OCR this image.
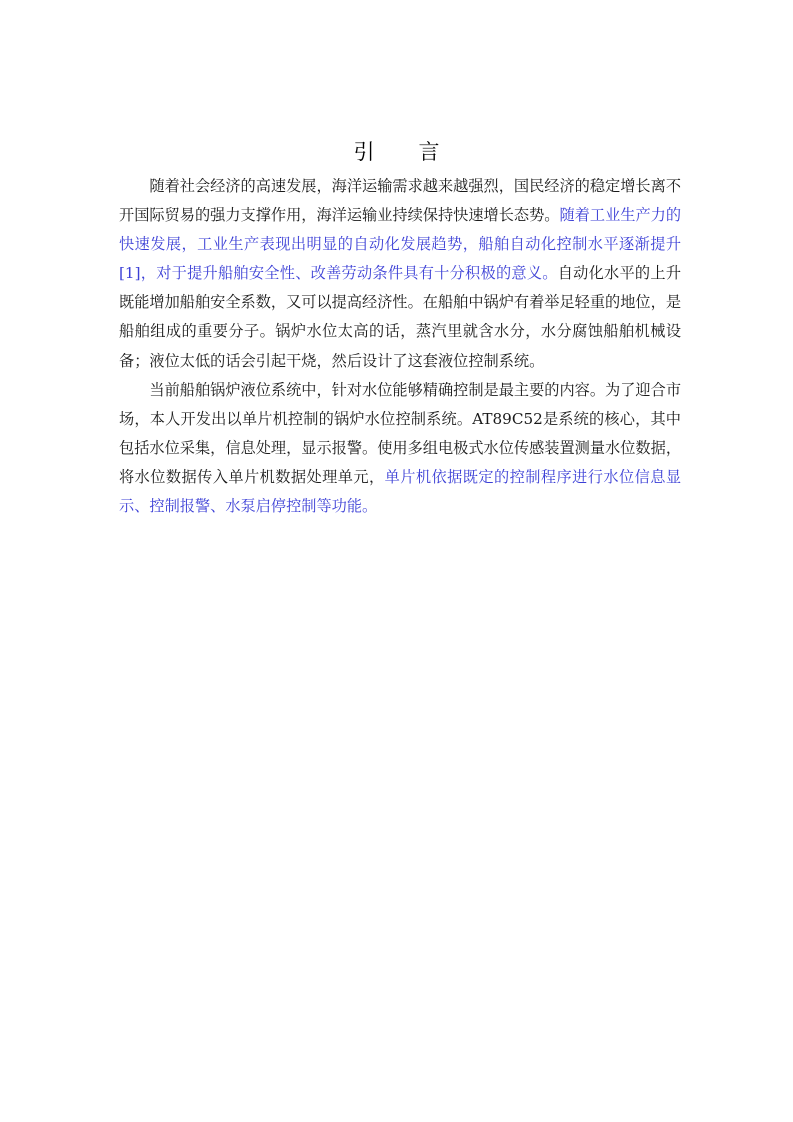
引言

随着社会经济的高速发展，海洋运输需求越来越强烈，国民经济的稳定增长离不开国际贸易的强力支撑作用，海洋运输业持续保持快速增长态势。随着工业生产力的快速发展，工业生产表现出明显的自动化发展趋势，船舶自动化控制水平逐渐提升[1]，对于提升船舶安全性、改善劳动条件具有十分积极的意义。自动化水平的上升既能增加船舶安全系数，又可以提高经济性。在船舶中锅炉有着举足轻重的地位，是船舶组成的重要分子。锅炉水位太高的话，蒸汽里就含水分，水分腐蚀船舶机械设备；液位太低的话会引起干烧，然后设计了这套液位控制系统。

当前船舶锅炉液位系统中，针对水位能够精确控制是最主要的内容。为了迎合市场，本人开发出以单片机控制的锅炉水位控制系统。AT89C52是系统的核心，其中包括水位采集，信息处理，显示报警。使用多组电极式水位传感装置测量水位数据，将水位数据传入单片机数据处理单元，单片机依据既定的控制程序进行水位信息显示、控制报警、水泵启停控制等功能。
